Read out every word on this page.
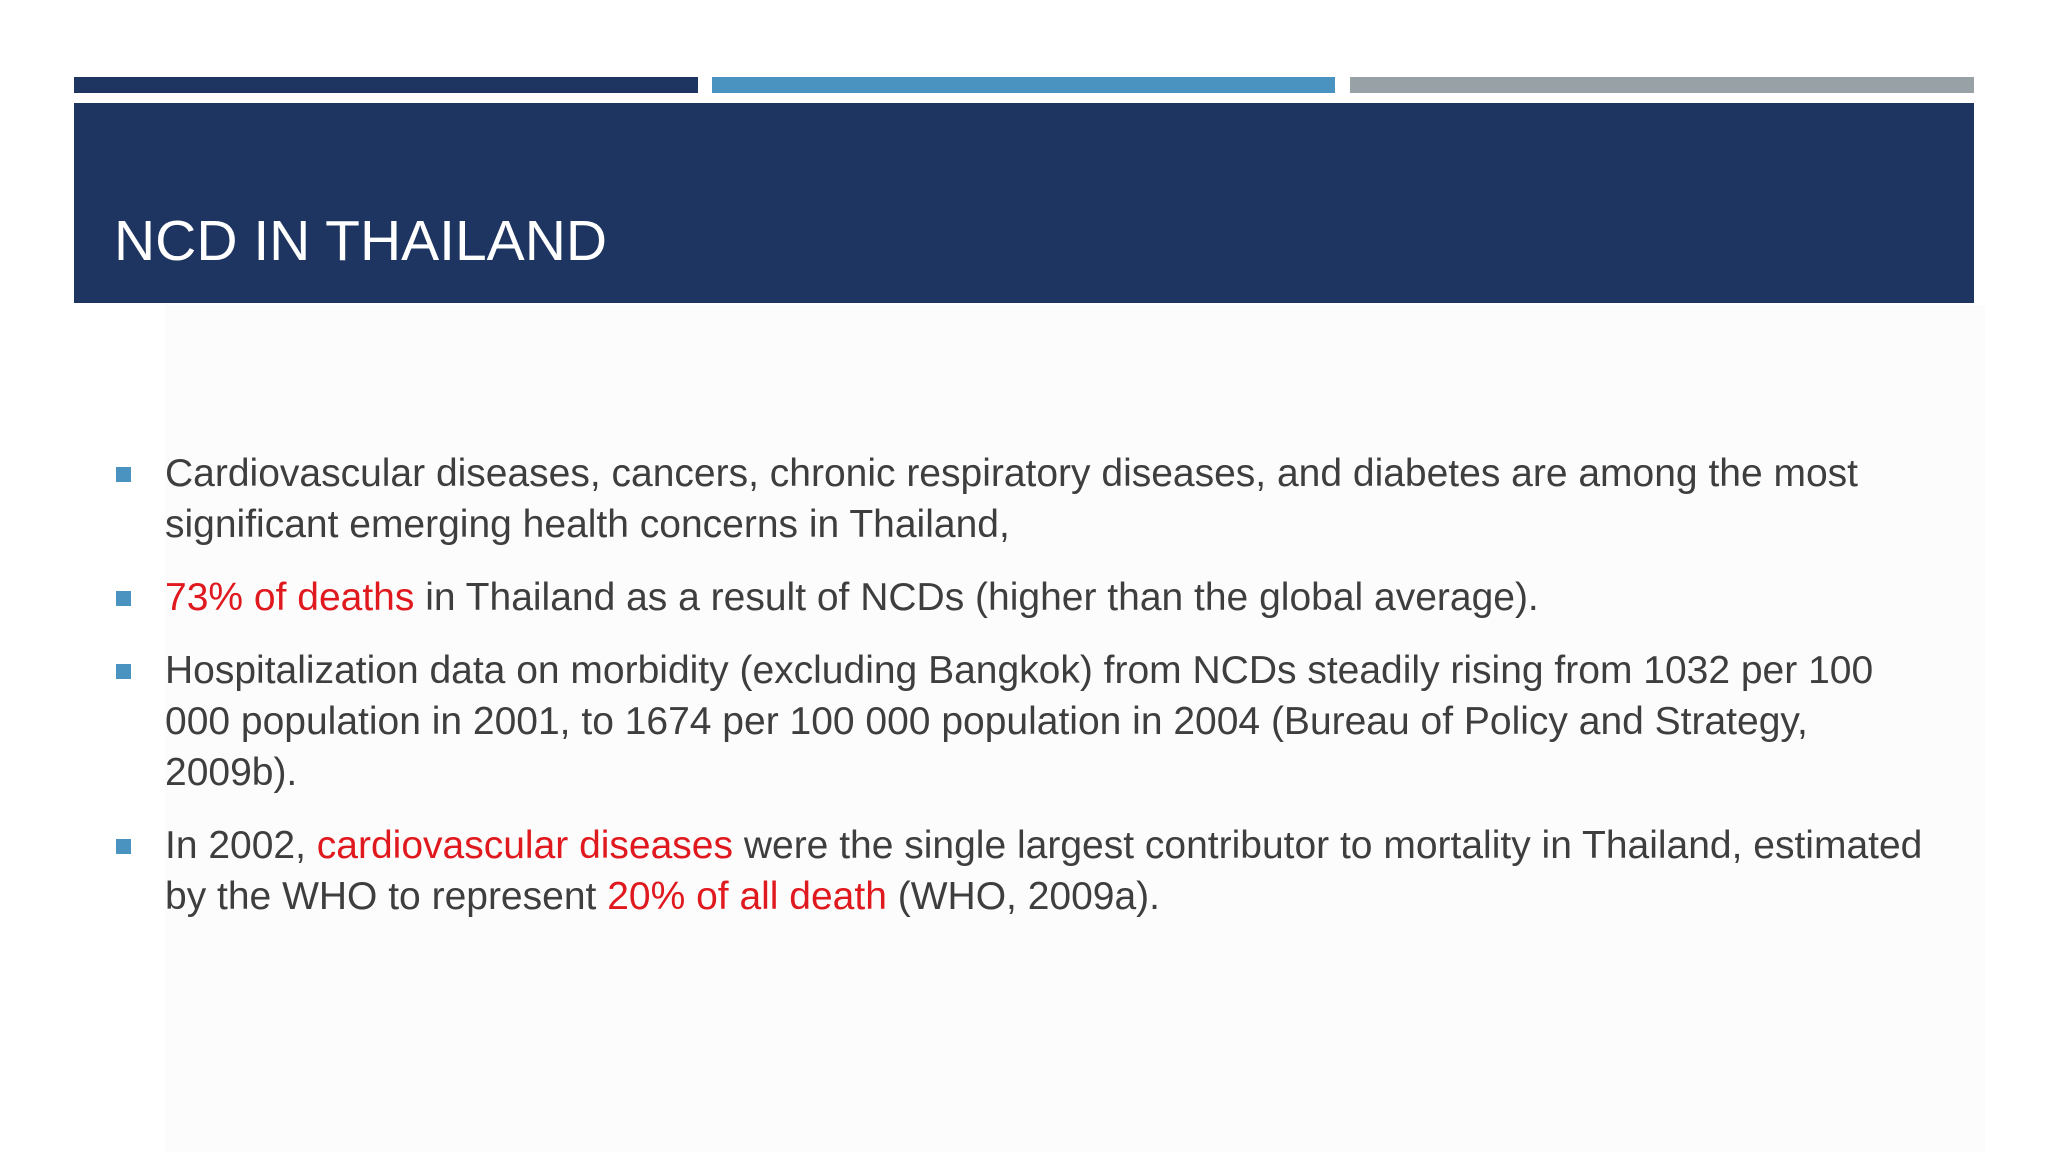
NCD IN THAILAND
Cardiovascular diseases, cancers, chronic respiratory diseases, and diabetes are among the most significant emerging health concerns in Thailand,
73% of deaths in Thailand as a result of NCDs (higher than the global average).
Hospitalization data on morbidity (excluding Bangkok) from NCDs steadily rising from 1032 per 100 000 population in 2001, to 1674 per 100 000 population in 2004 (Bureau of Policy and Strategy, 2009b).
In 2002, cardiovascular diseases were the single largest contributor to mortality in Thailand, estimated by the WHO to represent 20% of all death (WHO, 2009a).
